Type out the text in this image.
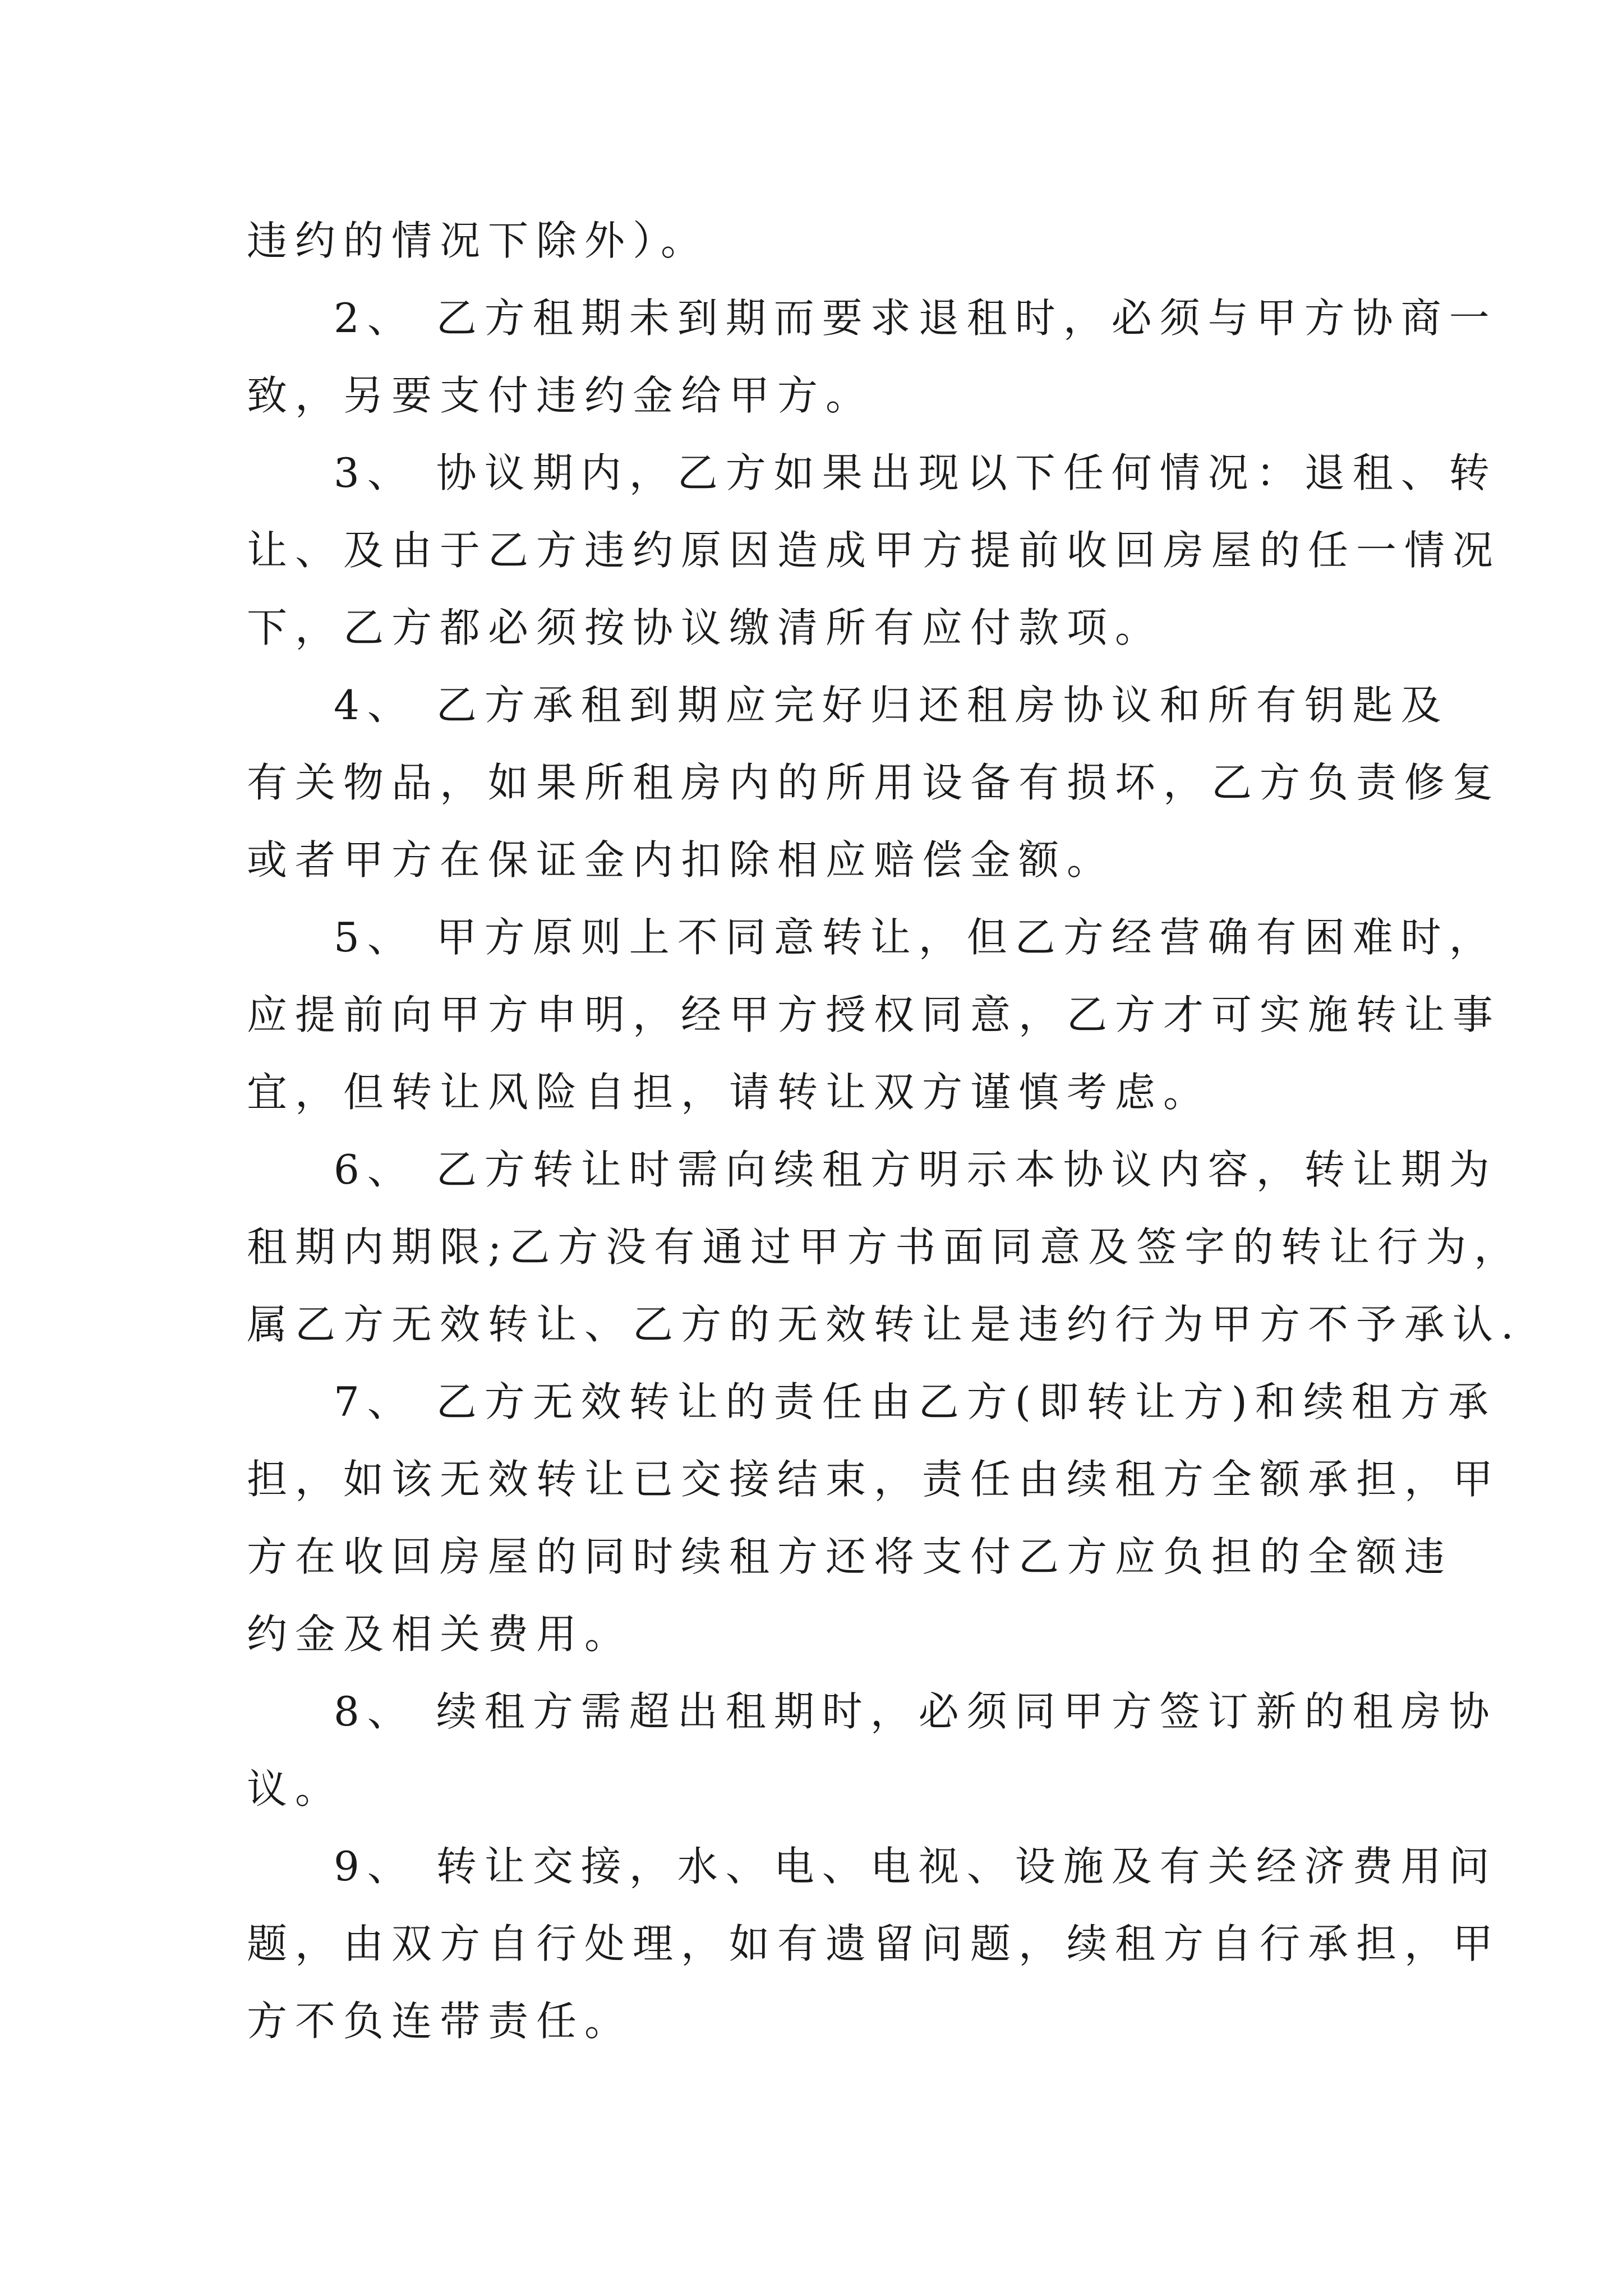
违约的情况下除外）。
2、 乙方租期未到期而要求退租时，必须与甲方协商一
致，另要支付违约金给甲方。
3、 协议期内，乙方如果出现以下任何情况：退租、转
让、及由于乙方违约原因造成甲方提前收回房屋的任一情况
下，乙方都必须按协议缴清所有应付款项。
4、 乙方承租到期应完好归还租房协议和所有钥匙及
有关物品，如果所租房内的所用设备有损坏，乙方负责修复
或者甲方在保证金内扣除相应赔偿金额。
5、 甲方原则上不同意转让，但乙方经营确有困难时，
应提前向甲方申明，经甲方授权同意，乙方才可实施转让事
宜，但转让风险自担，请转让双方谨慎考虑。
6、 乙方转让时需向续租方明示本协议内容，转让期为
租期内期限;乙方没有通过甲方书面同意及签字的转让行为，
属乙方无效转让、乙方的无效转让是违约行为甲方不予承认.
7、 乙方无效转让的责任由乙方(即转让方)和续租方承
担，如该无效转让已交接结束，责任由续租方全额承担，甲
方在收回房屋的同时续租方还将支付乙方应负担的全额违
约金及相关费用。
8、 续租方需超出租期时，必须同甲方签订新的租房协
议。
9、 转让交接，水、电、电视、设施及有关经济费用问
题，由双方自行处理，如有遗留问题，续租方自行承担，甲
方不负连带责任。
